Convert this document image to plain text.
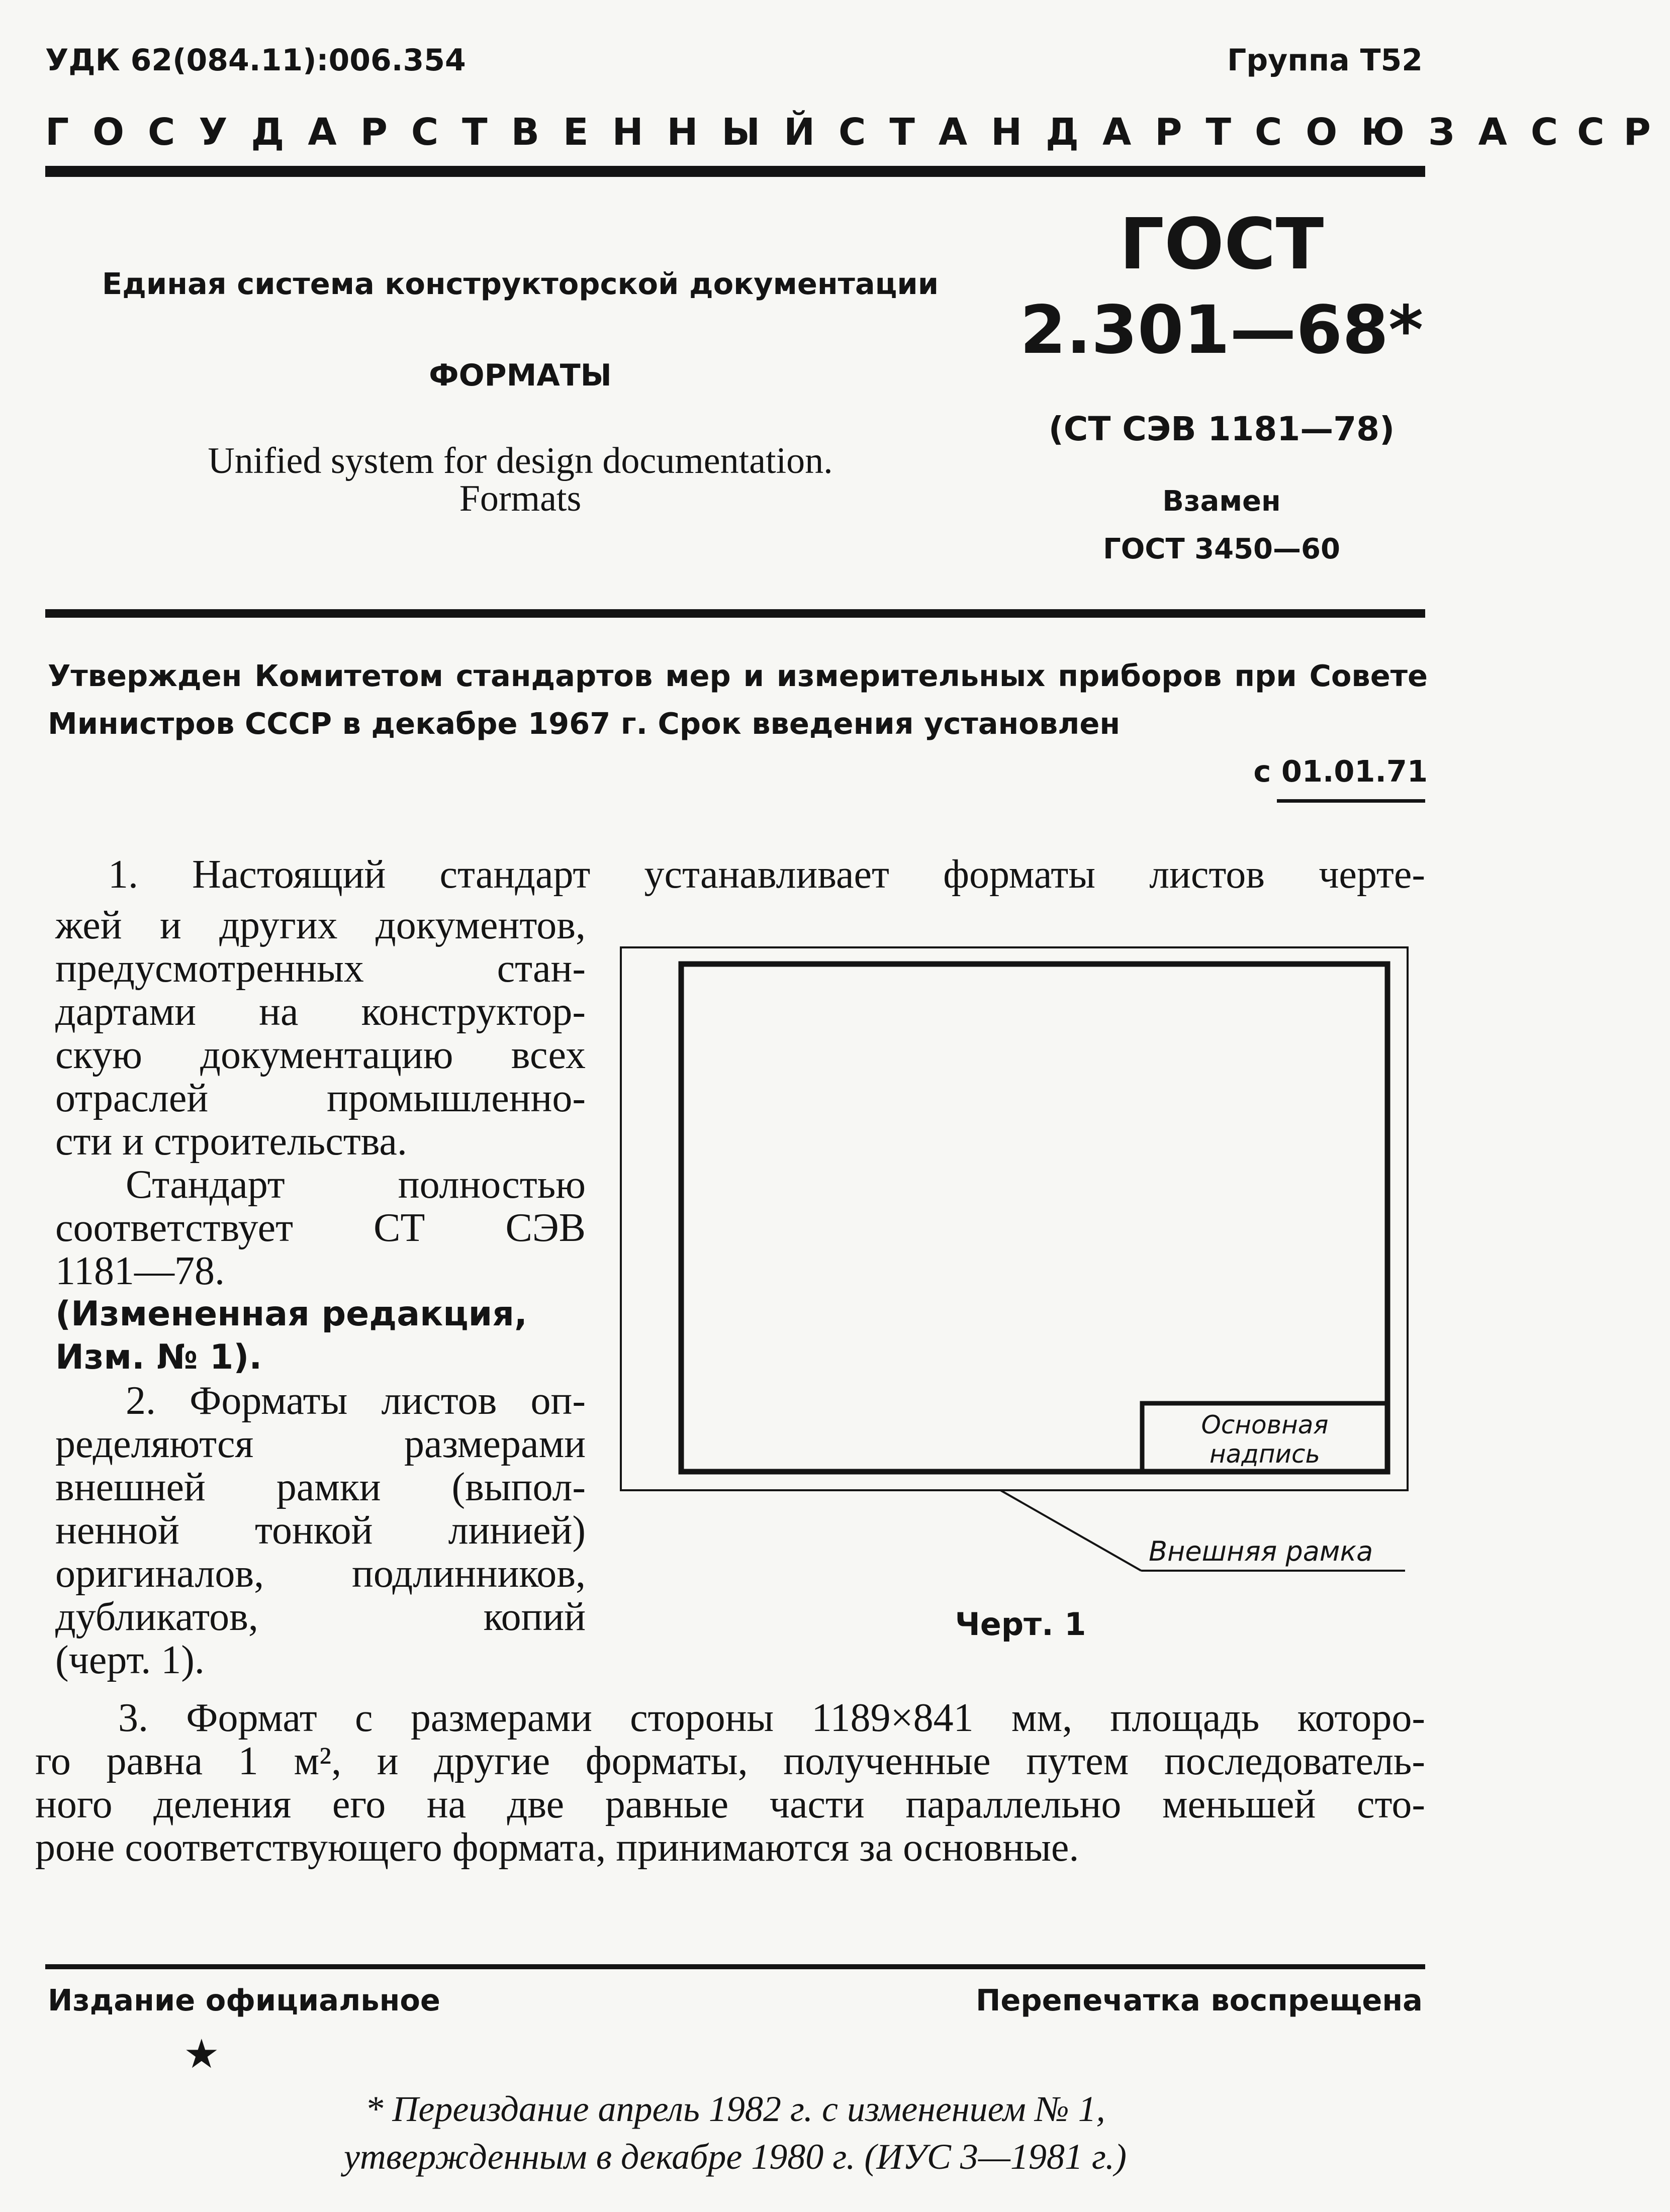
УДК 62(084.11):006.354	Группа Т52
ГОСУДАРСТВЕННЫЙ СТАНДАРТ СОЮЗА ССР
Единая система конструкторской документации
ФОРМАТЫ
Unified system for design documentation.
Formats
ГОСТ
2.301—68*
(СТ СЭВ 1181—78)
Взамен
ГОСТ 3450—60
Утвержден Комитетом стандартов мер и измерительных приборов при Совете
Министров СССР в декабре 1967 г. Срок введения установлен
с 01.01.71
1. Настоящий стандарт устанавливает форматы листов черте-
жей и других документов,
предусмотренных стан-
дартами на конструктор-
скую документацию всех
отраслей промышленно-
сти и строительства.
Стандарт полностью
соответствует СТ СЭВ
1181—78.
(Измененная редакция,
Изм. № 1).
2. Форматы листов оп-
ределяются размерами
внешней рамки (выпол-
ненной тонкой линией)
оригиналов, подлинников,
дубликатов, копий
(черт. 1).
Основная
надпись
Внешняя рамка
Черт. 1
3. Формат с размерами стороны 1189×841 мм, площадь которо-
го равна 1 м², и другие форматы, полученные путем последователь-
ного деления его на две равные части параллельно меньшей сто-
роне соответствующего формата, принимаются за основные.
Издание официальное	Перепечатка воспрещена
★
* Переиздание апрель 1982 г. с изменением № 1,
утвержденным в декабре 1980 г. (ИУС 3—1981 г.)
